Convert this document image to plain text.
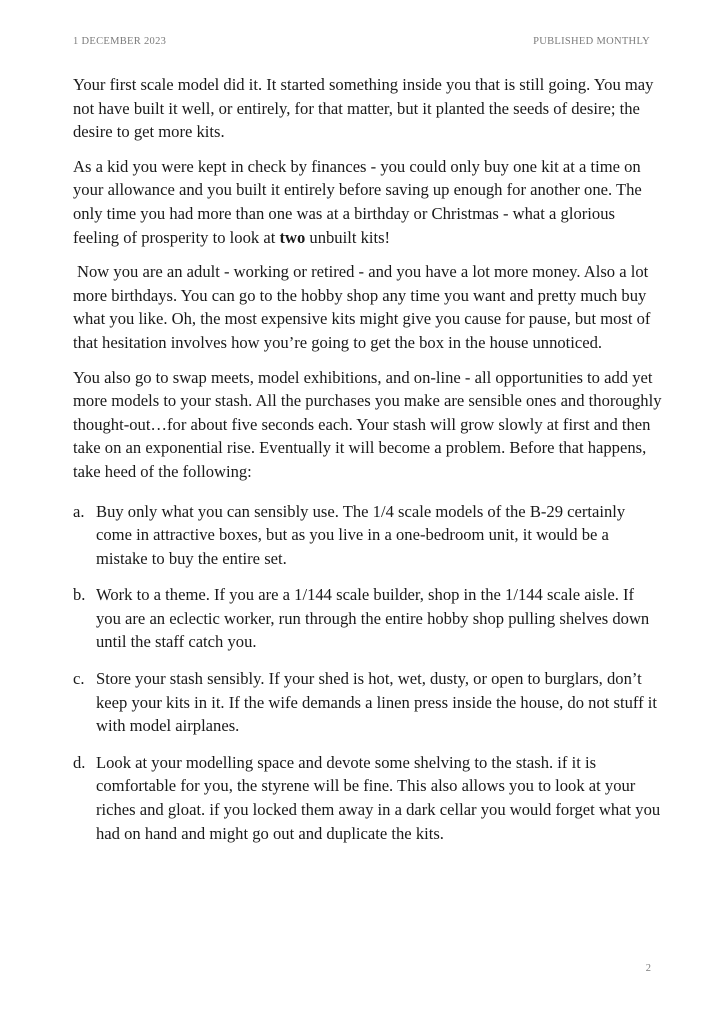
1 DECEMBER 2023	PUBLISHED MONTHLY

Your first scale model did it. It started something inside you that is still going. You may not have built it well, or entirely, for that matter, but it planted the seeds of desire; the desire to get more kits.

As a kid you were kept in check by finances - you could only buy one kit at a time on your allowance and you built it entirely before saving up enough for another one. The only time you had more than one was at a birthday or Christmas - what a glorious feeling of prosperity to look at two unbuilt kits!

Now you are an adult - working or retired - and you have a lot more money. Also a lot more birthdays. You can go to the hobby shop any time you want and pretty much buy what you like. Oh, the most expensive kits might give you cause for pause, but most of that hesitation involves how you’re going to get the box in the house unnoticed.

You also go to swap meets, model exhibitions, and on-line - all opportunities to add yet more models to your stash. All the purchases you make are sensible ones and thoroughly thought-out…for about five seconds each. Your stash will grow slowly at first and then take on an exponential rise. Eventually it will become a problem. Before that happens, take heed of the following:

a. Buy only what you can sensibly use. The 1/4 scale models of the B-29 certainly come in attractive boxes, but as you live in a one-bedroom unit, it would be a mistake to buy the entire set.
b. Work to a theme. If you are a 1/144 scale builder, shop in the 1/144 scale aisle. If you are an eclectic worker, run through the entire hobby shop pulling shelves down until the staff catch you.
c. Store your stash sensibly. If your shed is hot, wet, dusty, or open to burglars, don’t keep your kits in it. If the wife demands a linen press inside the house, do not stuff it with model airplanes.
d. Look at your modelling space and devote some shelving to the stash. if it is comfortable for you, the styrene will be fine. This also allows you to look at your riches and gloat. if you locked them away in a dark cellar you would forget what you had on hand and might go out and duplicate the kits.
2
